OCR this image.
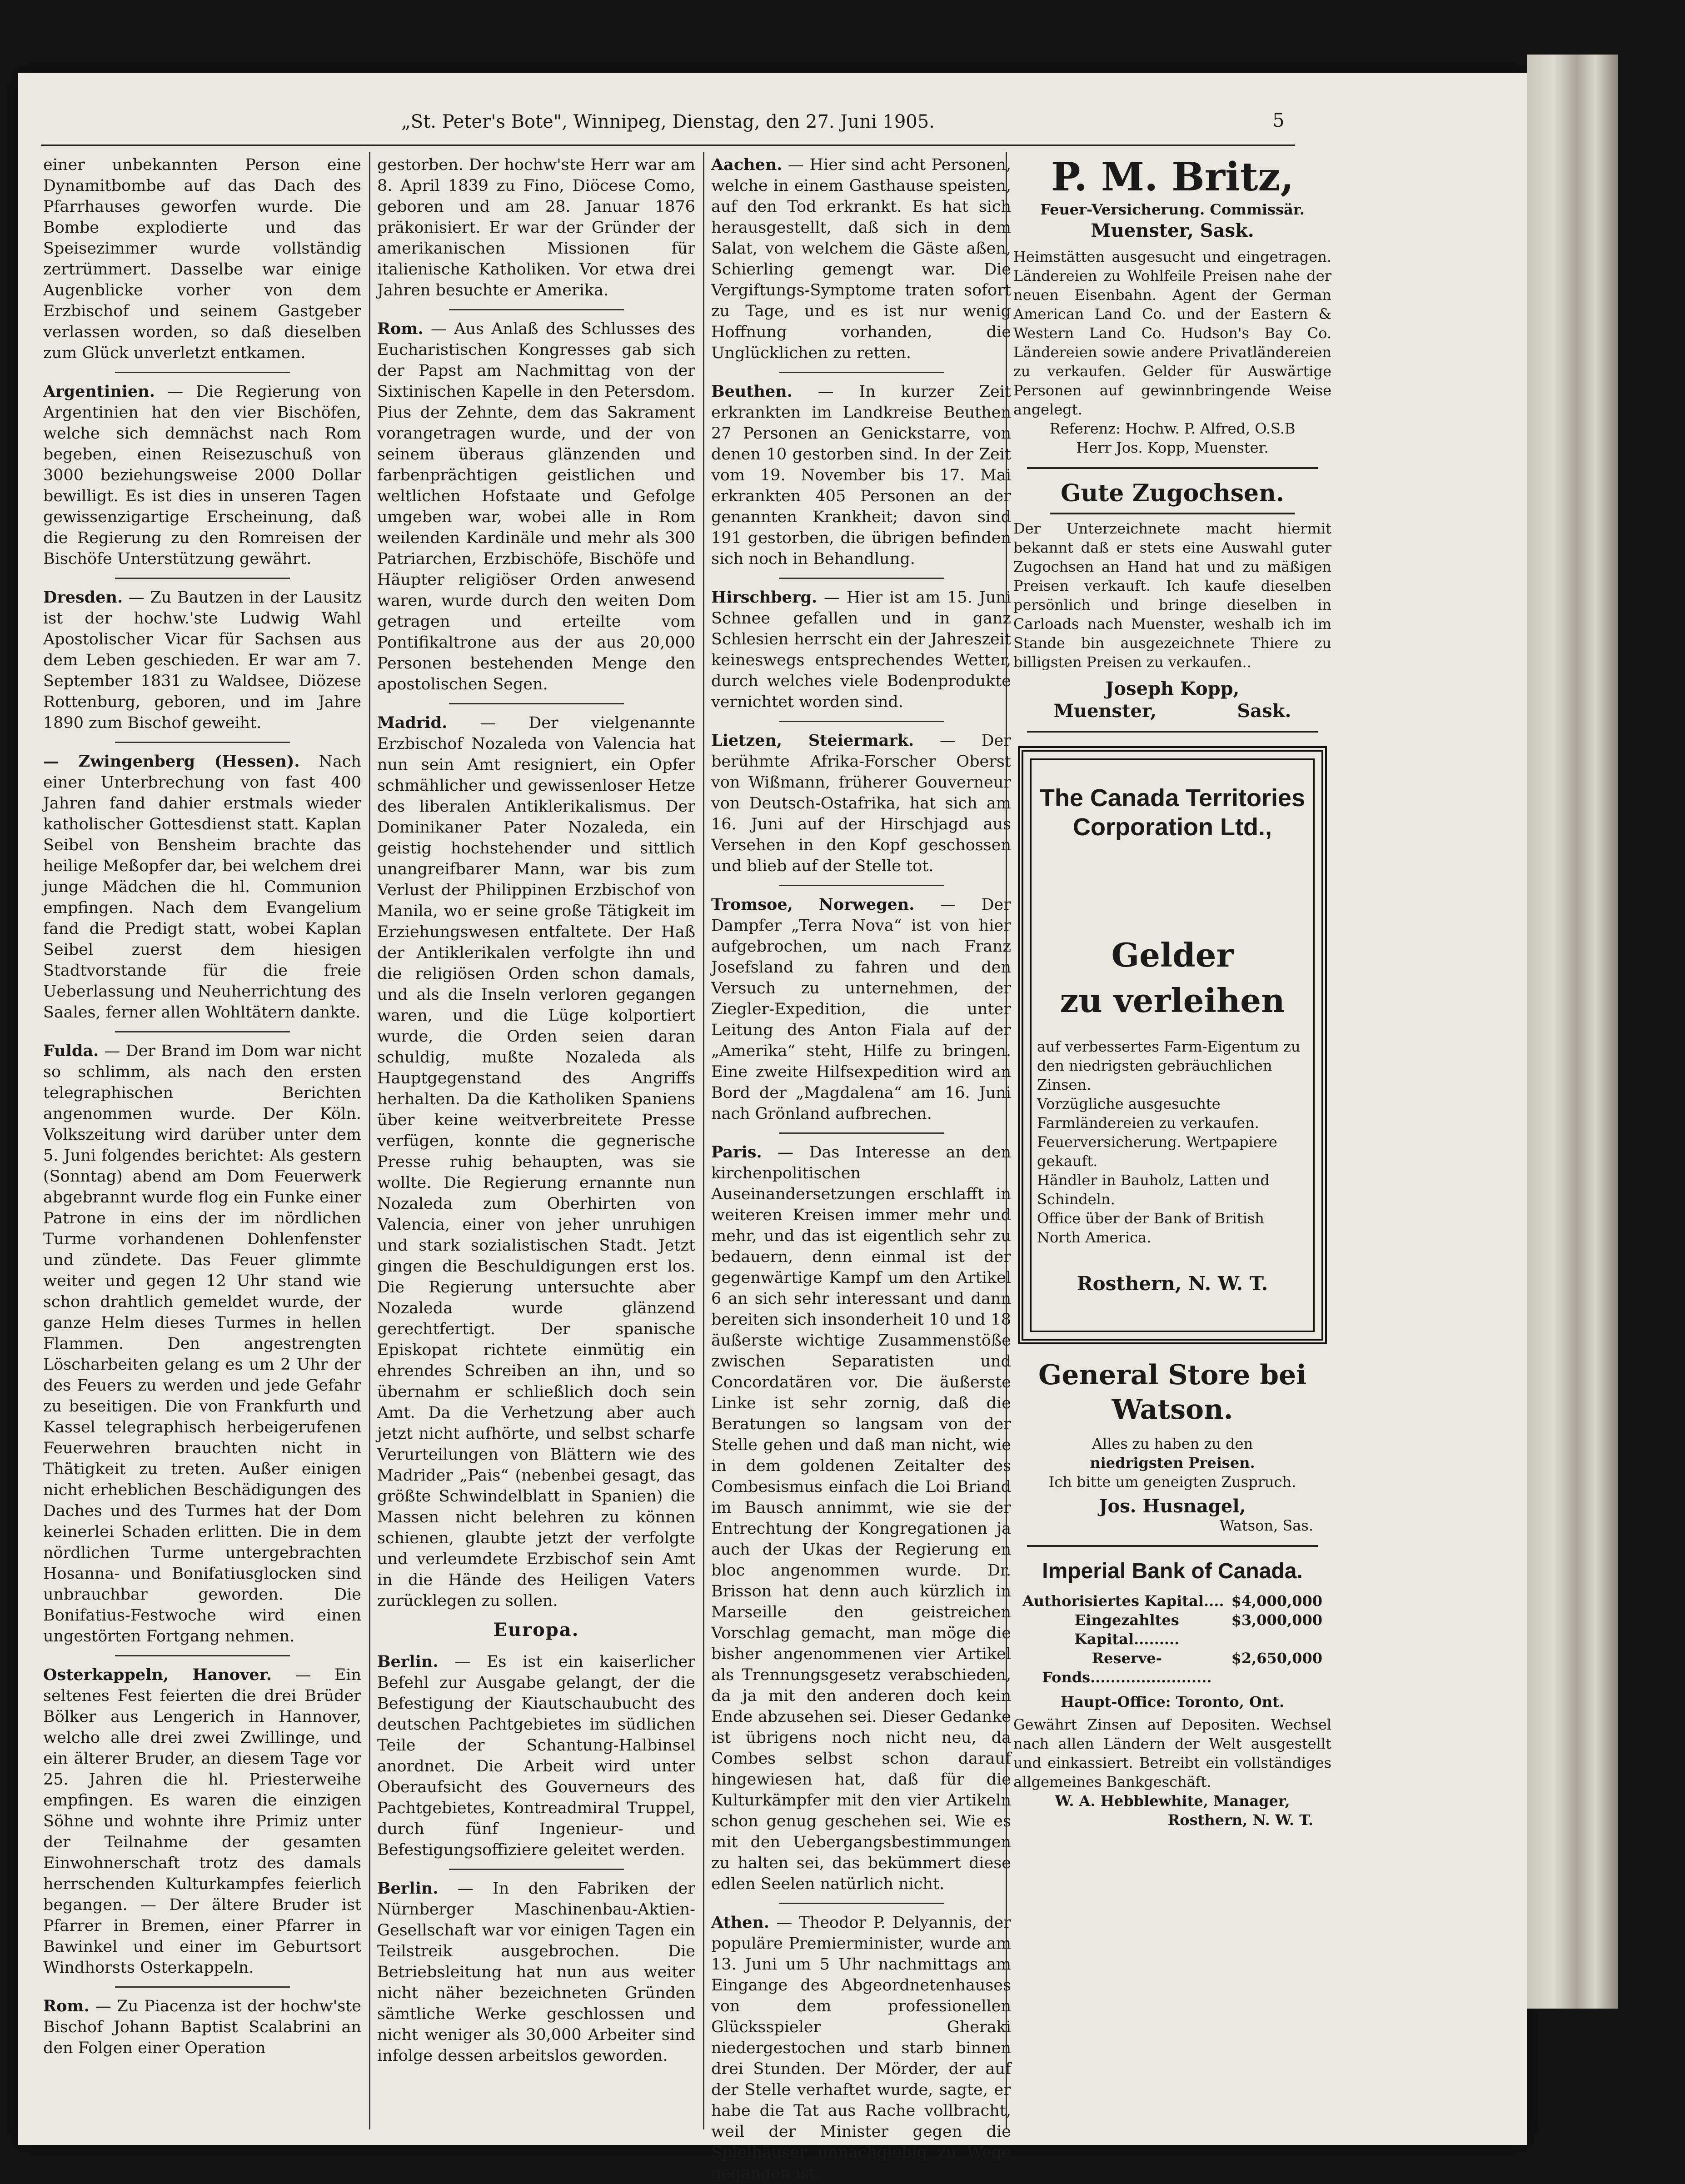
„St. Peter's Bote", Winnipeg, Dienstag, den 27. Juni 1905.	5

einer unbekannten Person eine Dynamitbombe auf das Dach des Pfarrhauses geworfen wurde. Die Bombe explodierte und das Speisezimmer wurde vollständig zertrümmert. Dasselbe war einige Augenblicke vorher von dem Erzbischof und seinem Gastgeber verlassen worden, so daß dieselben zum Glück unverletzt entkamen.

Argentinien. — Die Regierung von Argentinien hat den vier Bischöfen, welche sich demnächst nach Rom begeben, einen Reisezuschuß von 3000 beziehungsweise 2000 Dollar bewilligt. Es ist dies in unseren Tagen gewissenzigartige Erscheinung, daß die Regierung zu den Romreisen der Bischöfe Unterstützung gewährt.

Dresden. — Zu Bautzen in der Lausitz ist der hochw.'ste Ludwig Wahl Apostolischer Vicar für Sachsen aus dem Leben geschieden. Er war am 7. September 1831 zu Waldsee, Diözese Rottenburg, geboren, und im Jahre 1890 zum Bischof geweiht.

— Zwingenberg (Hessen). Nach einer Unterbrechung von fast 400 Jahren fand dahier erstmals wieder katholischer Gottesdienst statt. Kaplan Seibel von Bensheim brachte das heilige Meßopfer dar, bei welchem drei junge Mädchen die hl. Communion empfingen. Nach dem Evangelium fand die Predigt statt, wobei Kaplan Seibel zuerst dem hiesigen Stadtvorstande für die freie Ueberlassung und Neuherrichtung des Saales, ferner allen Wohltätern dankte.

Fulda. — Der Brand im Dom war nicht so schlimm, als nach den ersten telegraphischen Berichten angenommen wurde. Der Köln. Volkszeitung wird darüber unter dem 5. Juni folgendes berichtet: Als gestern (Sonntag) abend am Dom Feuerwerk abgebrannt wurde flog ein Funke einer Patrone in eins der im nördlichen Turme vorhandenen Dohlenfenster und zündete. Das Feuer glimmte weiter und gegen 12 Uhr stand wie schon drahtlich gemeldet wurde, der ganze Helm dieses Turmes in hellen Flammen. Den angestrengten Löscharbeiten gelang es um 2 Uhr der des Feuers zu werden und jede Gefahr zu beseitigen. Die von Frankfurth und Kassel telegraphisch herbeigerufenen Feuerwehren brauchten nicht in Thätigkeit zu treten. Außer einigen nicht erheblichen Beschädigungen des Daches und des Turmes hat der Dom keinerlei Schaden erlitten. Die in dem nördlichen Turme untergebrachten Hosanna- und Bonifatiusglocken sind unbrauchbar geworden. Die Bonifatius-Festwoche wird einen ungestörten Fortgang nehmen.

Osterkappeln, Hanover. — Ein seltenes Fest feierten die drei Brüder Bölker aus Lengerich in Hannover, welcho alle drei zwei Zwillinge, und ein älterer Bruder, an diesem Tage vor 25. Jahren die hl. Priesterweihe empfingen. Es waren die einzigen Söhne und wohnte ihre Primiz unter der Teilnahme der gesamten Einwohnerschaft trotz des damals herrschenden Kulturkampfes feierlich begangen. — Der ältere Bruder ist Pfarrer in Bremen, einer Pfarrer in Bawinkel und einer im Geburtsort Windhorsts Osterkappeln.

Rom. — Zu Piacenza ist der hochw'ste Bischof Johann Baptist Scalabrini an den Folgen einer Operation

gestorben. Der hochw'ste Herr war am 8. April 1839 zu Fino, Diöcese Como, geboren und am 28. Januar 1876 präkonisiert. Er war der Gründer der amerikanischen Missionen für italienische Katholiken. Vor etwa drei Jahren besuchte er Amerika.

Rom. — Aus Anlaß des Schlusses des Eucharistischen Kongresses gab sich der Papst am Nachmittag von der Sixtinischen Kapelle in den Petersdom. Pius der Zehnte, dem das Sakrament vorangetragen wurde, und der von seinem überaus glänzenden und farbenprächtigen geistlichen und weltlichen Hofstaate und Gefolge umgeben war, wobei alle in Rom weilenden Kardinäle und mehr als 300 Patriarchen, Erzbischöfe, Bischöfe und Häupter religiöser Orden anwesend waren, wurde durch den weiten Dom getragen und erteilte vom Pontifikaltrone aus der aus 20,000 Personen bestehenden Menge den apostolischen Segen.

Madrid. — Der vielgenannte Erzbischof Nozaleda von Valencia hat nun sein Amt resigniert, ein Opfer schmählicher und gewissenloser Hetze des liberalen Antiklerikalismus. Der Dominikaner Pater Nozaleda, ein geistig hochstehender und sittlich unangreifbarer Mann, war bis zum Verlust der Philippinen Erzbischof von Manila, wo er seine große Tätigkeit im Erziehungswesen entfaltete. Der Haß der Antiklerikalen verfolgte ihn und die religiösen Orden schon damals, und als die Inseln verloren gegangen waren, und die Lüge kolportiert wurde, die Orden seien daran schuldig, mußte Nozaleda als Hauptgegenstand des Angriffs herhalten. Da die Katholiken Spaniens über keine weitverbreitete Presse verfügen, konnte die gegnerische Presse ruhig behaupten, was sie wollte. Die Regierung ernannte nun Nozaleda zum Oberhirten von Valencia, einer von jeher unruhigen und stark sozialistischen Stadt. Jetzt gingen die Beschuldigungen erst los. Die Regierung untersuchte aber Nozaleda wurde glänzend gerechtfertigt. Der spanische Episkopat richtete einmütig ein ehrendes Schreiben an ihn, und so übernahm er schließlich doch sein Amt. Da die Verhetzung aber auch jetzt nicht aufhörte, und selbst scharfe Verurteilungen von Blättern wie des Madrider „Pais“ (nebenbei gesagt, das größte Schwindelblatt in Spanien) die Massen nicht belehren zu können schienen, glaubte jetzt der verfolgte und verleumdete Erzbischof sein Amt in die Hände des Heiligen Vaters zurücklegen zu sollen.

Europa.

Berlin. — Es ist ein kaiserlicher Befehl zur Ausgabe gelangt, der die Befestigung der Kiautschaubucht des deutschen Pachtgebietes im südlichen Teile der Schantung-Halbinsel anordnet. Die Arbeit wird unter Oberaufsicht des Gouverneurs des Pachtgebietes, Kontreadmiral Truppel, durch fünf Ingenieur- und Befestigungsoffiziere geleitet werden.

Berlin. — In den Fabriken der Nürnberger Maschinenbau-Aktien-Gesellschaft war vor einigen Tagen ein Teilstreik ausgebrochen. Die Betriebsleitung hat nun aus weiter nicht näher bezeichneten Gründen sämtliche Werke geschlossen und nicht weniger als 30,000 Arbeiter sind infolge dessen arbeitslos geworden.

Aachen. — Hier sind acht Personen, welche in einem Gasthause speisten, auf den Tod erkrankt. Es hat sich herausgestellt, daß sich in dem Salat, von welchem die Gäste aßen, Schierling gemengt war. Die Vergiftungs-Symptome traten sofort zu Tage, und es ist nur wenig Hoffnung vorhanden, die Unglücklichen zu retten.

Beuthen. — In kurzer Zeit erkrankten im Landkreise Beuthen 27 Personen an Genickstarre, von denen 10 gestorben sind. In der Zeit vom 19. November bis 17. Mai erkrankten 405 Personen an der genannten Krankheit; davon sind 191 gestorben, die übrigen befinden sich noch in Behandlung.

Hirschberg. — Hier ist am 15. Juni Schnee gefallen und in ganz Schlesien herrscht ein der Jahreszeit keineswegs entsprechendes Wetter, durch welches viele Bodenprodukte vernichtet worden sind.

Lietzen, Steiermark. — Der berühmte Afrika-Forscher Oberst von Wißmann, früherer Gouverneur von Deutsch-Ostafrika, hat sich am 16. Juni auf der Hirschjagd aus Versehen in den Kopf geschossen und blieb auf der Stelle tot.

Tromsoe, Norwegen. — Der Dampfer „Terra Nova“ ist von hier aufgebrochen, um nach Franz Josefsland zu fahren und den Versuch zu unternehmen, der Ziegler-Expedition, die unter Leitung des Anton Fiala auf der „Amerika“ steht, Hilfe zu bringen. Eine zweite Hilfsexpedition wird an Bord der „Magdalena“ am 16. Juni nach Grönland aufbrechen.

Paris. — Das Interesse an den kirchenpolitischen Auseinandersetzungen erschlafft in weiteren Kreisen immer mehr und mehr, und das ist eigentlich sehr zu bedauern, denn einmal ist der gegenwärtige Kampf um den Artikel 6 an sich sehr interessant und dann bereiten sich insonderheit 10 und 18 äußerste wichtige Zusammenstöße zwischen Separatisten und Concordatären vor. Die äußerste Linke ist sehr zornig, daß die Beratungen so langsam von der Stelle gehen und daß man nicht, wie in dem goldenen Zeitalter des Combesismus einfach die Loi Briand im Bausch annimmt, wie sie der Entrechtung der Kongregationen ja auch der Ukas der Regierung en bloc angenommen wurde. Dr. Brisson hat denn auch kürzlich in Marseille den geistreichen Vorschlag gemacht, man möge die bisher angenommenen vier Artikel als Trennungsgesetz verabschieden, da ja mit den anderen doch kein Ende abzusehen sei. Dieser Gedanke ist übrigens noch nicht neu, da Combes selbst schon darauf hingewiesen hat, daß für die Kulturkämpfer mit den vier Artikeln schon genug geschehen sei. Wie es mit den Uebergangsbestimmungen zu halten sei, das bekümmert diese edlen Seelen natürlich nicht.

Athen. — Theodor P. Delyannis, der populäre Premierminister, wurde am 13. Juni um 5 Uhr nachmittags am Eingange des Abgeordnetenhauses von dem professionellen Glücksspieler Gheraki niedergestochen und starb binnen drei Stunden. Der Mörder, der auf der Stelle verhaftet wurde, sagte, er habe die Tat aus Rache vollbracht, weil der Minister gegen die Spielhäuser unnachgiebig zu Wege gegangen ist.

P. M. Britz,
Feuer-Versicherung. Commissär.
Muenster, Sask.
Heimstätten ausgesucht und eingetragen. Ländereien zu Wohlfeile Preisen nahe der neuen Eisenbahn. Agent der German American Land Co. und der Eastern & Western Land Co. Hudson's Bay Co. Ländereien sowie andere Privatländereien zu verkaufen. Gelder für Auswärtige Personen auf gewinnbringende Weise angelegt.
Referenz: Hochw. P. Alfred, O.S.B
Herr Jos. Kopp, Muenster.
Gute Zugochsen.
Der Unterzeichnete macht hiermit bekannt daß er stets eine Auswahl guter Zugochsen an Hand hat und zu mäßigen Preisen verkauft. Ich kaufe dieselben persönlich und bringe dieselben in Carloads nach Muenster, weshalb ich im Stande bin ausgezeichnete Thiere zu billigsten Preisen zu verkaufen..
Joseph Kopp,
Muenster,	Sask.
The Canada Territories Corporation Ltd.,
Gelder
zu verleihen
auf verbessertes Farm-Eigentum zu den niedrigsten gebräuchlichen Zinsen.
Vorzügliche ausgesuchte Farmländereien zu verkaufen.
Feuerversicherung. Wertpapiere gekauft.
Händler in Bauholz, Latten und Schindeln.
Office über der Bank of British North America.
Rosthern, N. W. T.
General Store bei Watson.
Alles zu haben zu den
niedrigsten Preisen.
Ich bitte um geneigten Zuspruch.
Jos. Husnagel,
Watson, Sas.
Imperial Bank of Canada.
Authorisiertes Kapital.... $4,000,000
Eingezahltes Kapital.........
$3,000,000
Reserve-Fonds........................
$2,650,000
Haupt-Office: Toronto, Ont.
Gewährt Zinsen auf Depositen. Wechsel nach allen Ländern der Welt ausgestellt und einkassiert. Betreibt ein vollständiges allgemeines Bankgeschäft.
W. A. Hebblewhite, Manager,
Rosthern, N. W. T.
